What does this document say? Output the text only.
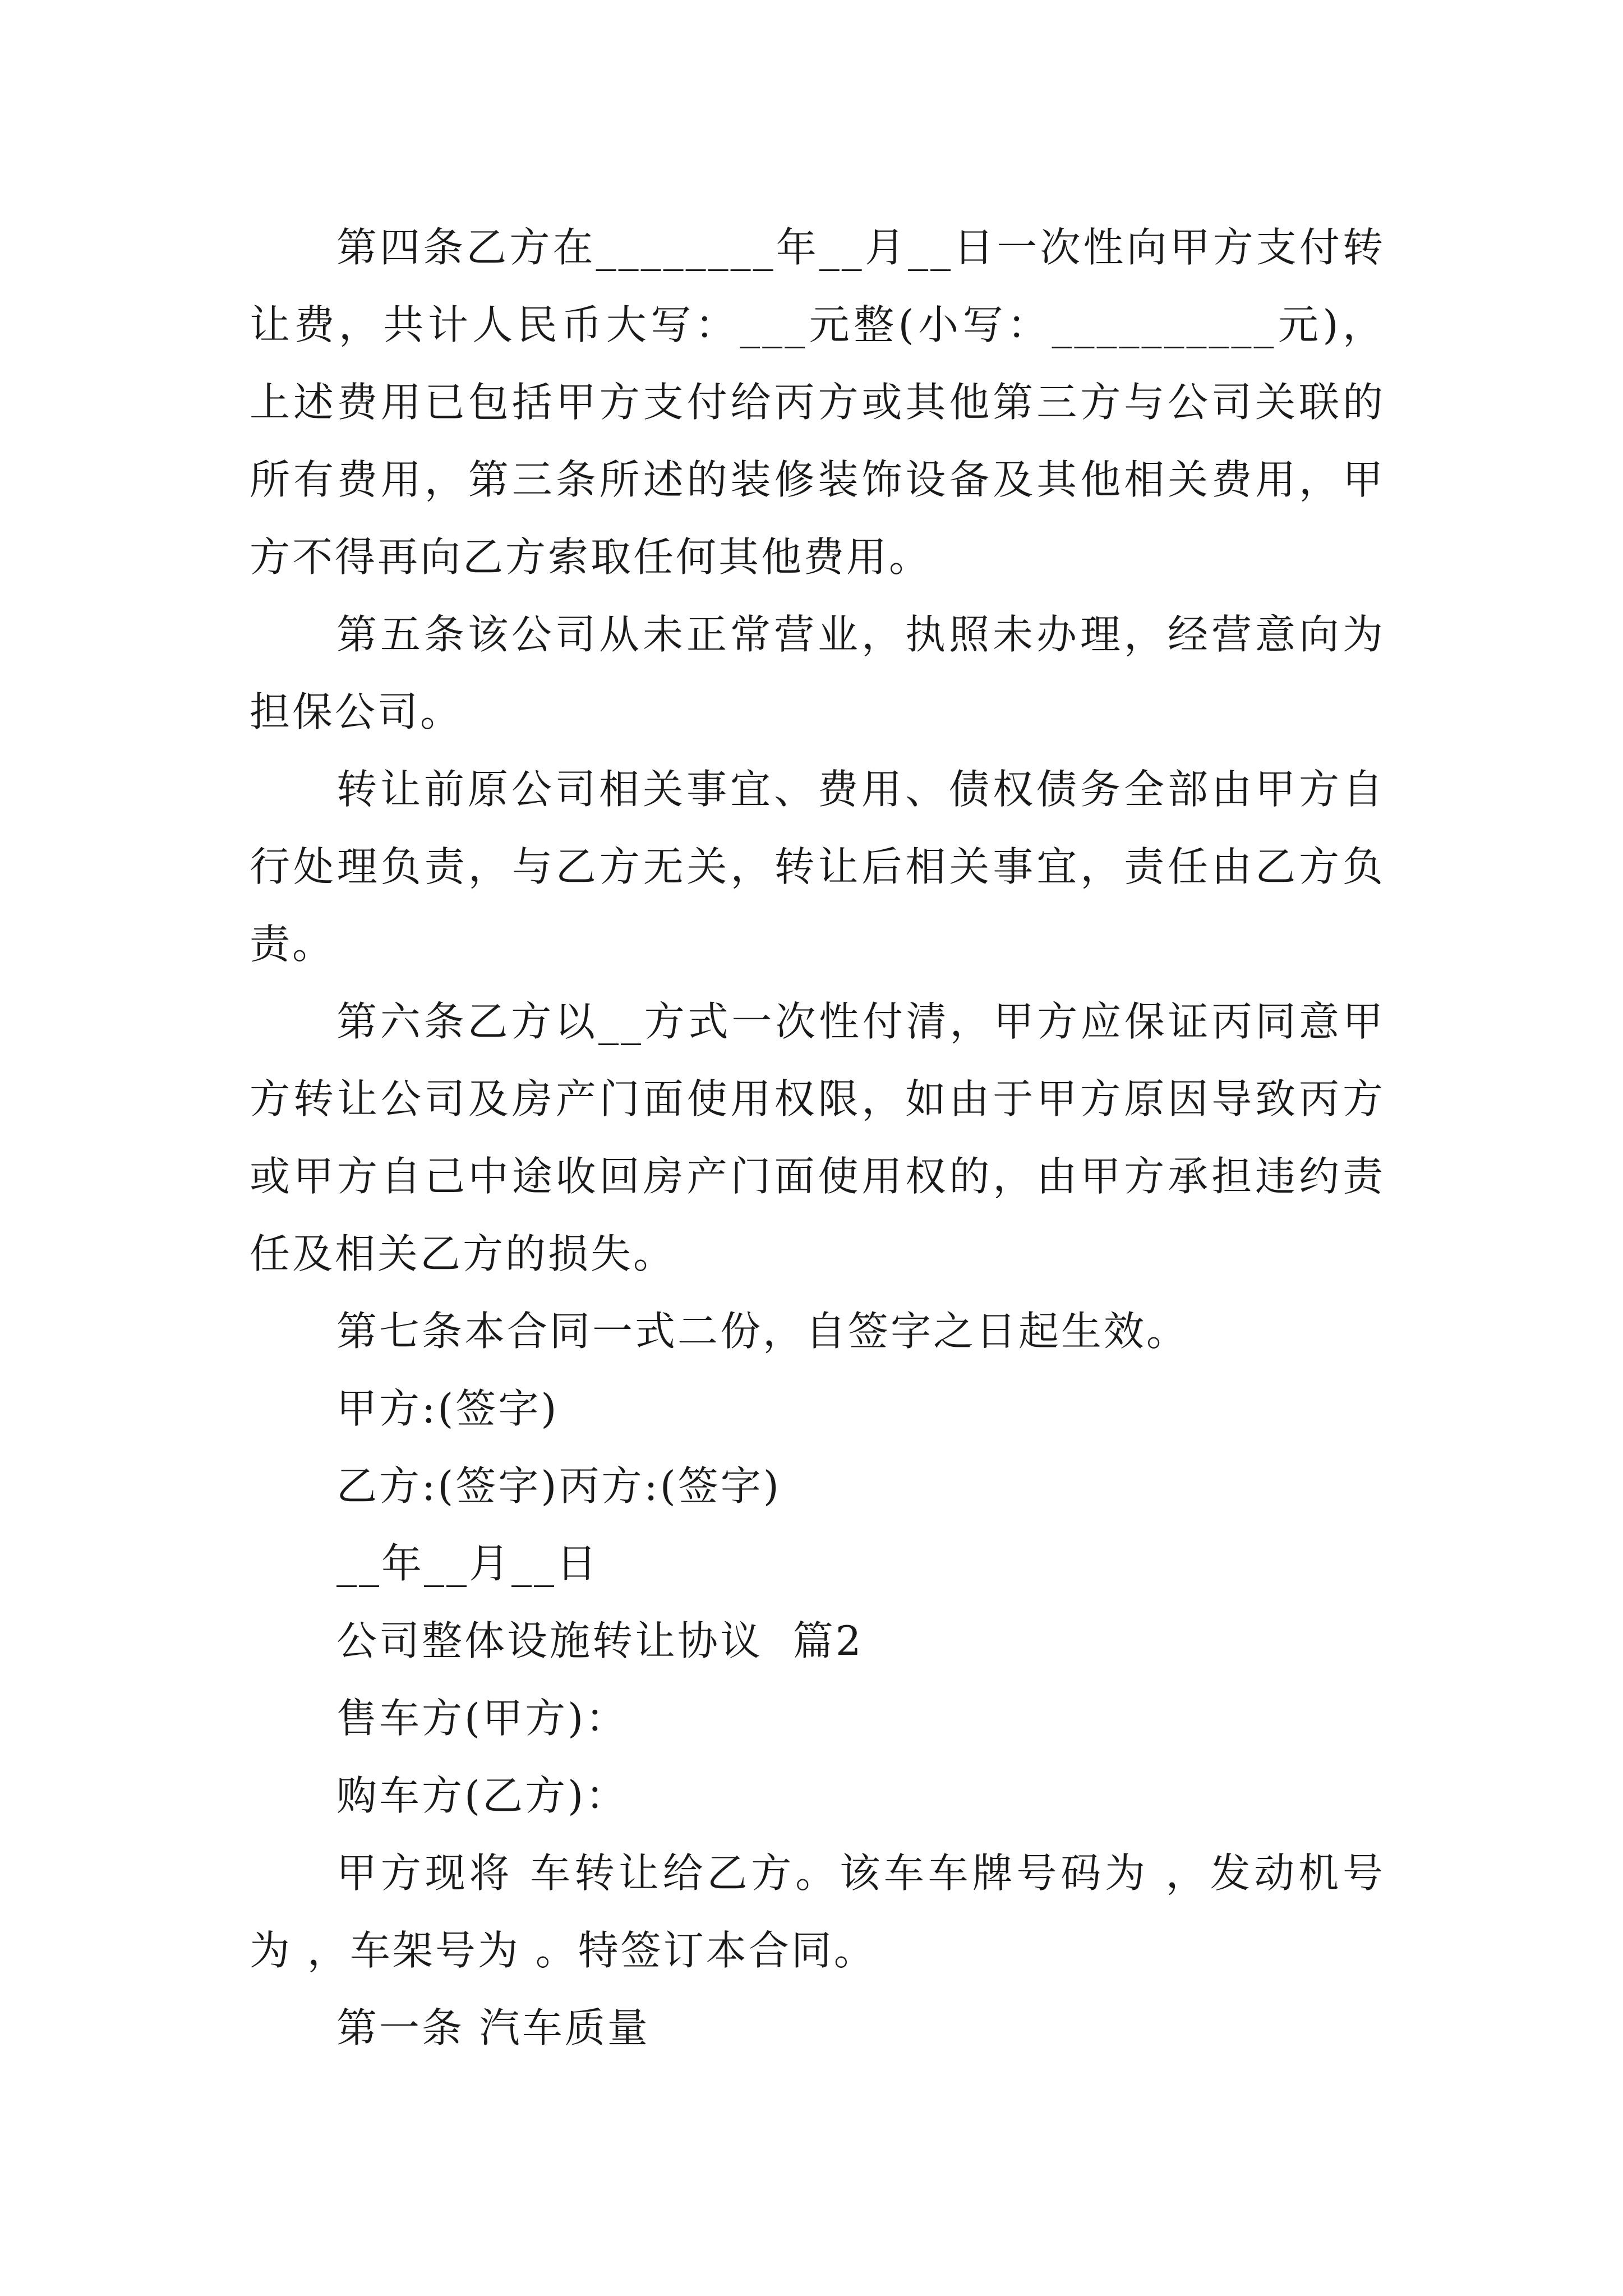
第四条乙方在________年__月__日一次性向甲方支付转让费，共计人民币大写：___元整(小写：__________元)，上述费用已包括甲方支付给丙方或其他第三方与公司关联的所有费用，第三条所述的装修装饰设备及其他相关费用，甲方不得再向乙方索取任何其他费用。

第五条该公司从未正常营业，执照未办理，经营意向为担保公司。

转让前原公司相关事宜、费用、债权债务全部由甲方自行处理负责，与乙方无关，转让后相关事宜，责任由乙方负责。

第六条乙方以__方式一次性付清，甲方应保证丙同意甲方转让公司及房产门面使用权限，如由于甲方原因导致丙方或甲方自己中途收回房产门面使用权的，由甲方承担违约责任及相关乙方的损失。

第七条本合同一式二份，自签字之日起生效。

甲方:(签字)

乙方:(签字)丙方:(签字)

__年__月__日

公司整体设施转让协议  篇2

售车方(甲方)：

购车方(乙方)：

甲方现将 车转让给乙方。该车车牌号码为 ，发动机号为 ，车架号为 。特签订本合同。

第一条 汽车质量
